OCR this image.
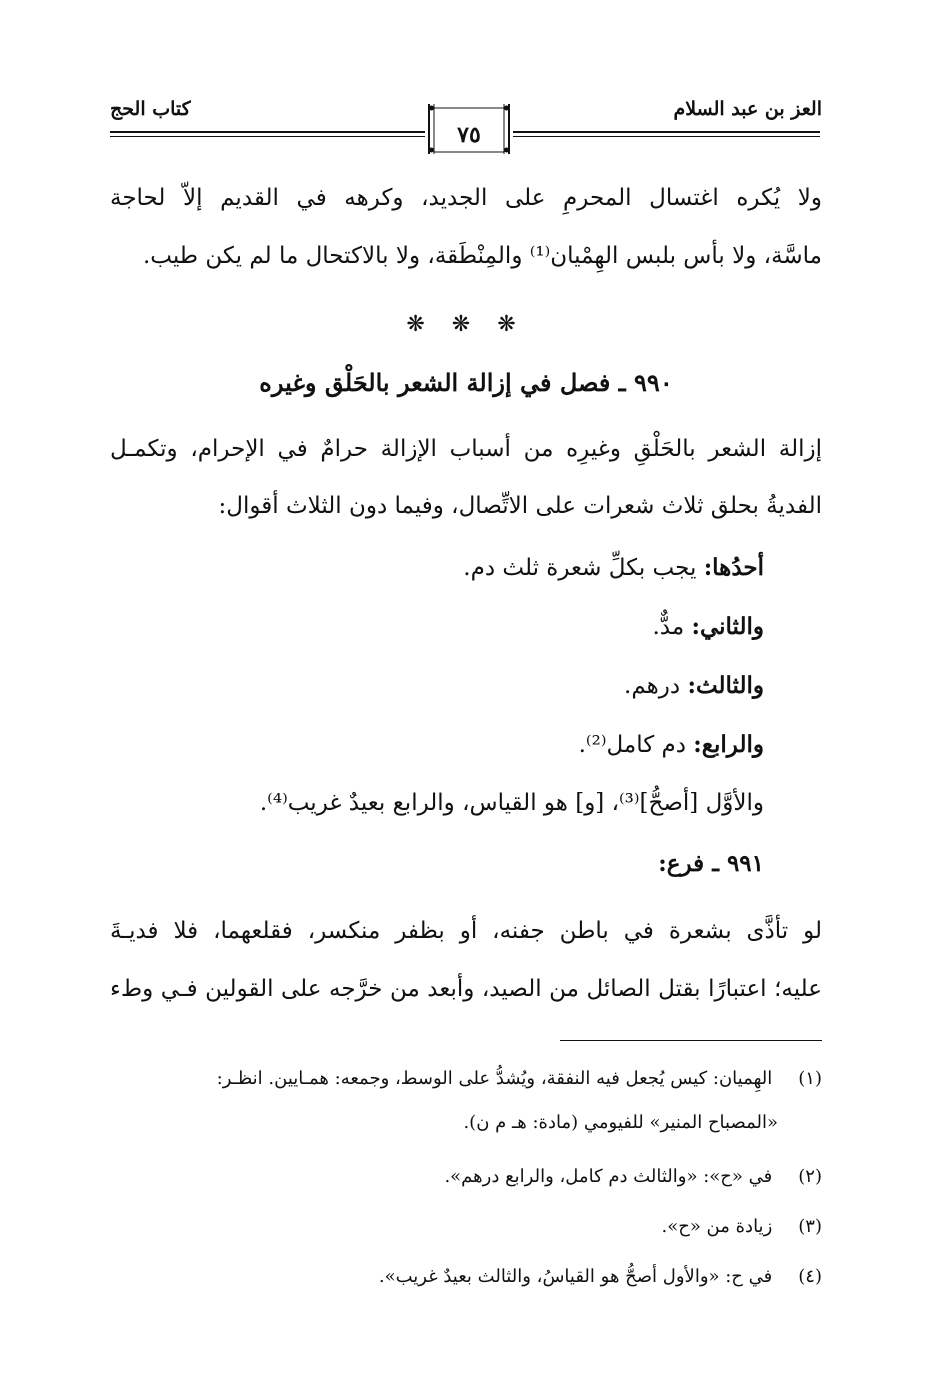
العز بن عبد السلام
كتاب الحج
٧٥
ولا يُكره اغتسال المحرمِ على الجديد، وكرهه في القديم إلاّ لحاجة
ماسَّة، ولا بأس بلبس الهِمْيان⁽¹⁾ والمِنْطَقة، ولا بالاكتحال ما لم يكن طيب.
❋ ❋ ❋
٩٩٠ ـ فصل في إزالة الشعر بالحَلْق وغيره
إزالة الشعر بالحَلْقِ وغيرِه من أسباب الإزالة حرامٌ في الإحرام، وتكمـل
الفديةُ بحلق ثلاث شعرات على الاتِّصال، وفيما دون الثلاث أقوال:
أحدُها: يجب بكلِّ شعرة ثلث دم.
والثاني: مدٌّ.
والثالث: درهم.
والرابع: دم كامل⁽²⁾.
والأوَّل [أصحُّ]⁽³⁾، [و] هو القياس، والرابع بعيدٌ غريب⁽⁴⁾.
٩٩١ ـ فرع:
لو تأذَّى بشعرة في باطن جفنه، أو بظفر منكسر، فقلعهما، فلا فديـةَ
عليه؛ اعتبارًا بقتل الصائل من الصيد، وأبعد من خرَّجه على القولين فـي وطء
(١) الهِميان: كيس يُجعل فيه النفقة، ويُشدُّ على الوسط، وجمعه: همـايين. انظـر:
«المصباح المنير» للفيومي (مادة: هـ م ن).
(٢) في «ح»: «والثالث دم كامل، والرابع درهم».
(٣) زيادة من «ح».
(٤) في ح: «والأول أصحُّ هو القياسُ، والثالث بعيدٌ غريب».
